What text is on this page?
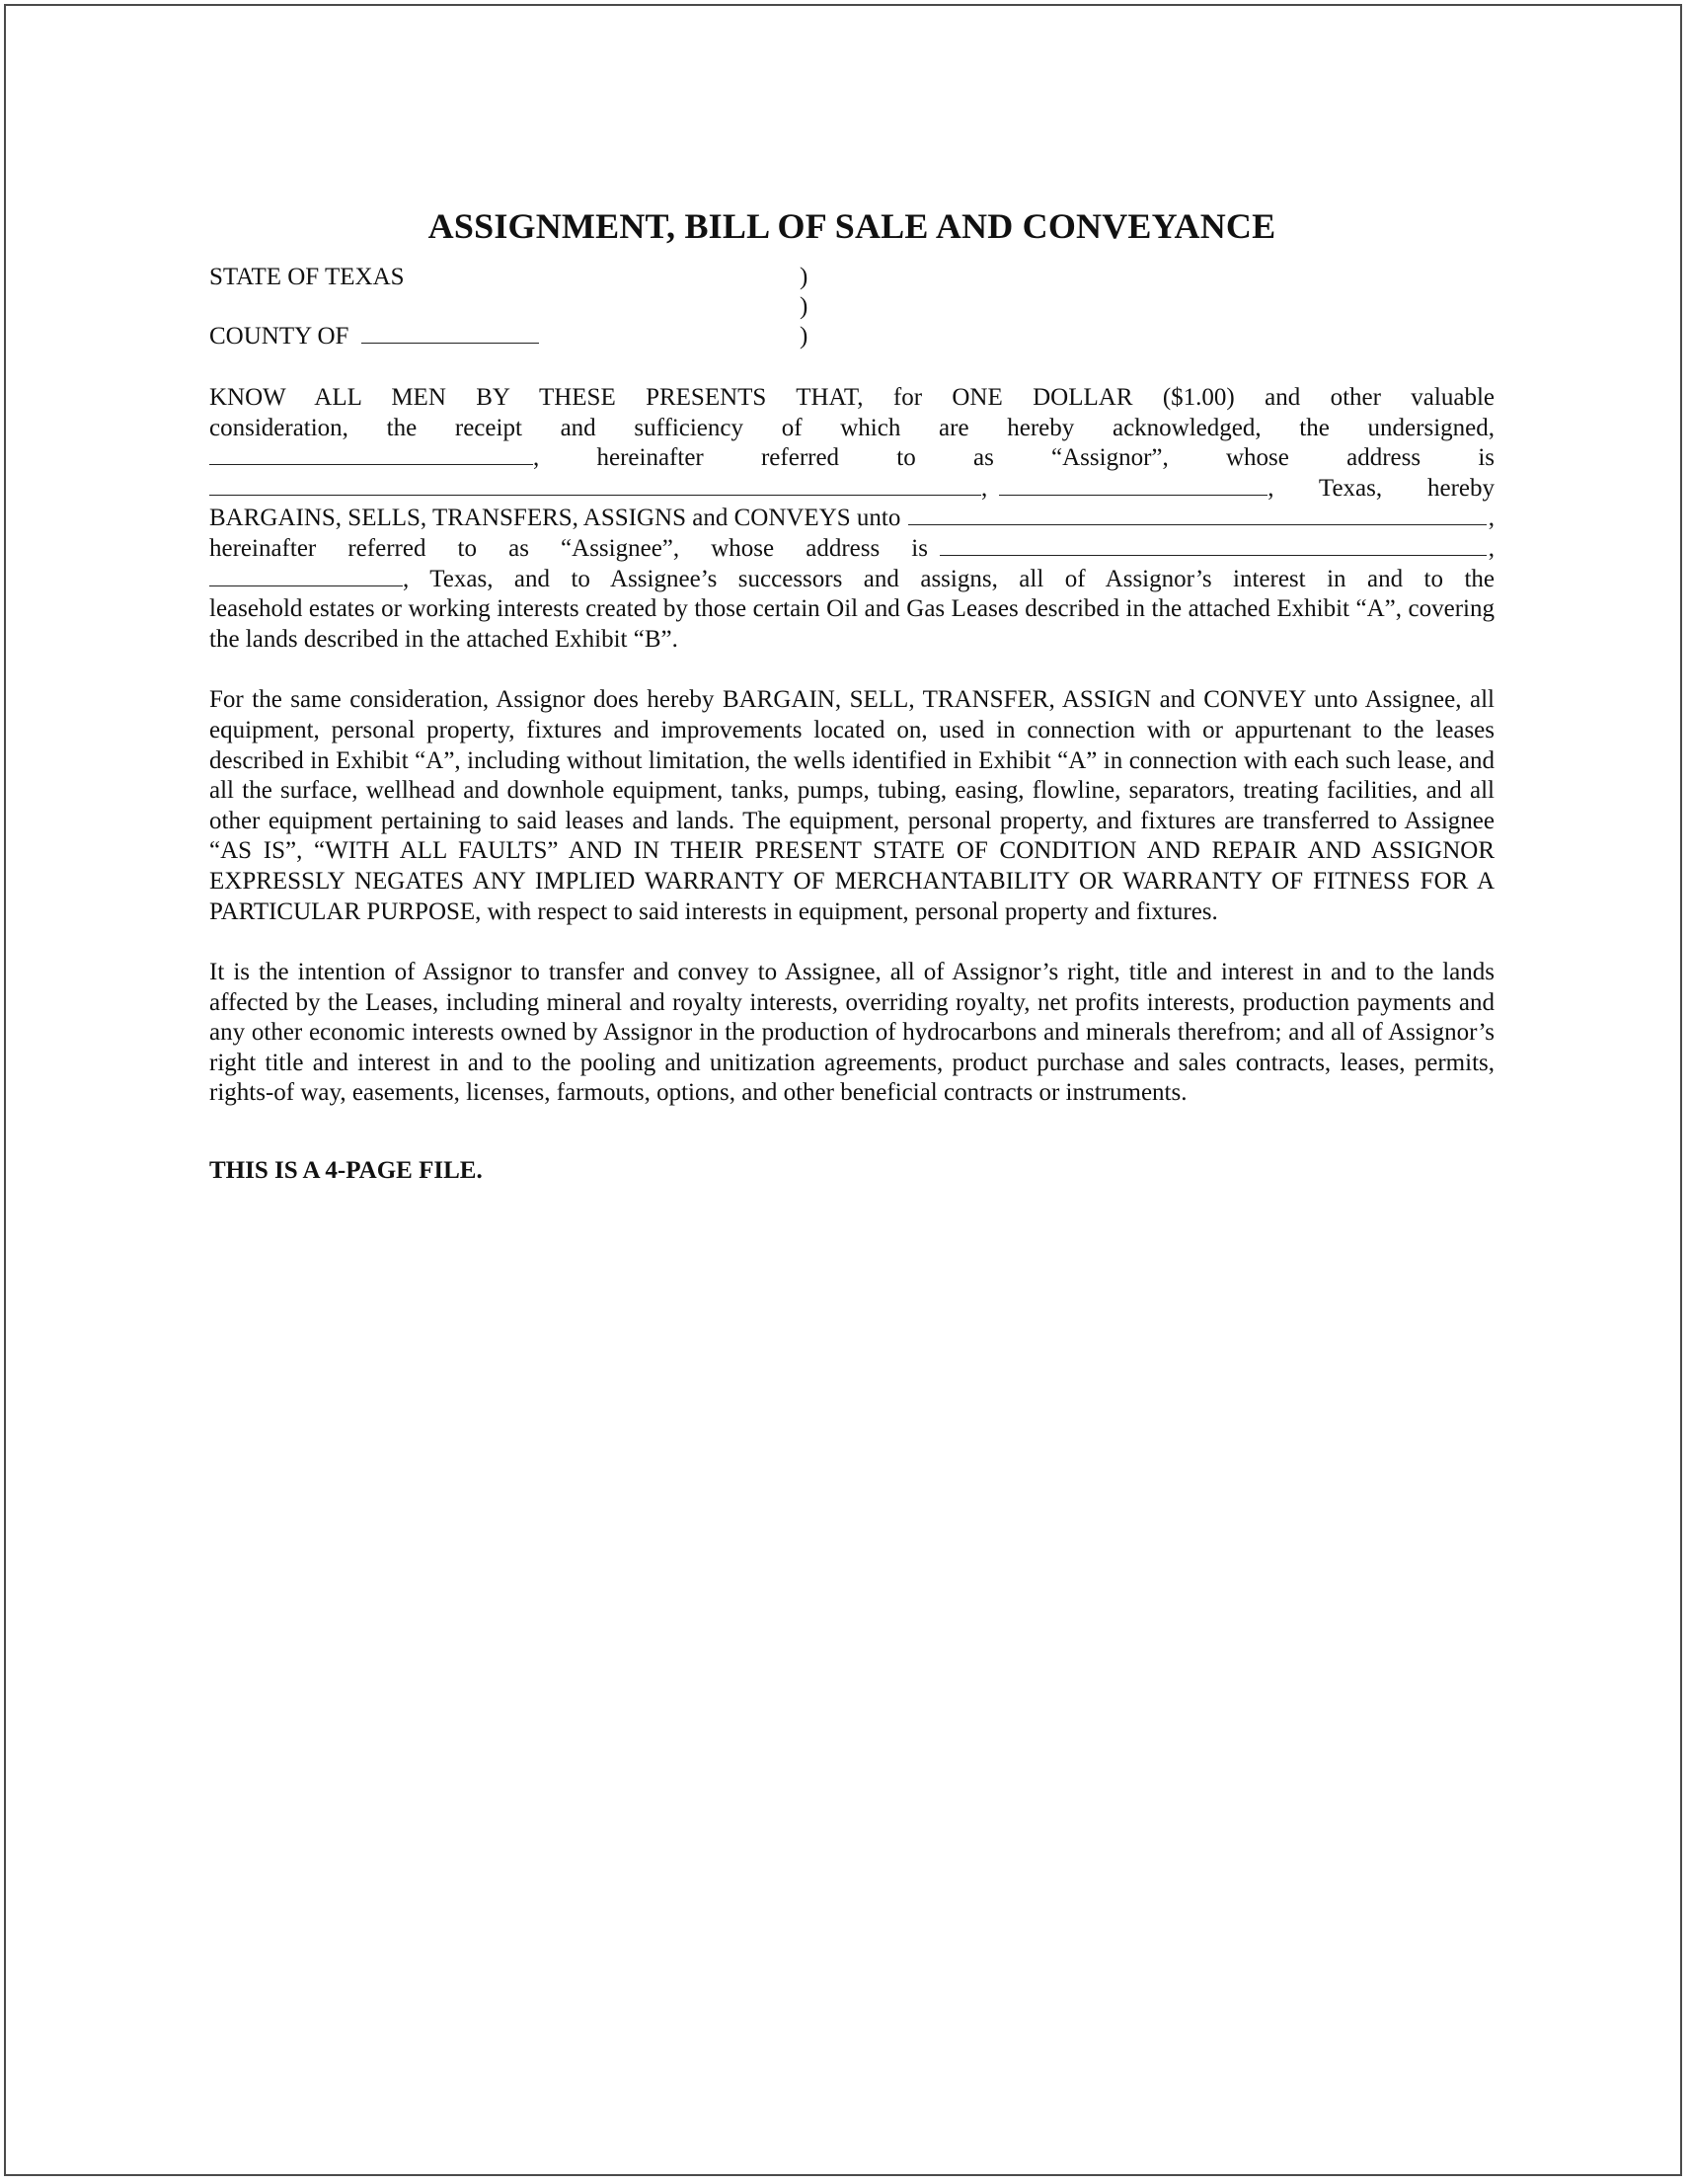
ASSIGNMENT, BILL OF SALE AND CONVEYANCE
STATE OF TEXAS
COUNTY OF
)
)
)
KNOW ALL MEN BY THESE PRESENTS THAT, for ONE DOLLAR ($1.00) and other valuable
consideration, the receipt and sufficiency of which are hereby acknowledged, the undersigned,
, hereinafter referred to as “Assignor”, whose address is
,	, Texas, hereby
BARGAINS, SELLS, TRANSFERS, ASSIGNS and CONVEYS unto	,
hereinafter referred to as “Assignee”, whose address is	,
, Texas, and to Assignee’s successors and assigns, all of Assignor’s interest in and to the
leasehold estates or working interests created by those certain Oil and Gas Leases described in the attached Exhibit “A”, covering the lands described in the attached Exhibit “B”.

For the same consideration, Assignor does hereby BARGAIN, SELL, TRANSFER, ASSIGN and CONVEY unto Assignee, all equipment, personal property, fixtures and improvements located on, used in connection with or appurtenant to the leases described in Exhibit “A”, including without limitation, the wells identified in Exhibit “A” in connection with each such lease, and all the surface, wellhead and downhole equipment, tanks, pumps, tubing, easing, flowline, separators, treating facilities, and all other equipment pertaining to said leases and lands. The equipment, personal property, and fixtures are transferred to Assignee “AS IS”, “WITH ALL FAULTS” AND IN THEIR PRESENT STATE OF CONDITION AND REPAIR AND ASSIGNOR EXPRESSLY NEGATES ANY IMPLIED WARRANTY OF MERCHANTABILITY OR WARRANTY OF FITNESS FOR A PARTICULAR PURPOSE, with respect to said interests in equipment, personal property and fixtures.

It is the intention of Assignor to transfer and convey to Assignee, all of Assignor’s right, title and interest in and to the lands affected by the Leases, including mineral and royalty interests, overriding royalty, net profits interests, production payments and any other economic interests owned by Assignor in the production of hydrocarbons and minerals therefrom; and all of Assignor’s right title and interest in and to the pooling and unitization agreements, product purchase and sales contracts, leases, permits, rights-of way, easements, licenses, farmouts, options, and other beneficial contracts or instruments.

THIS IS A 4-PAGE FILE.
